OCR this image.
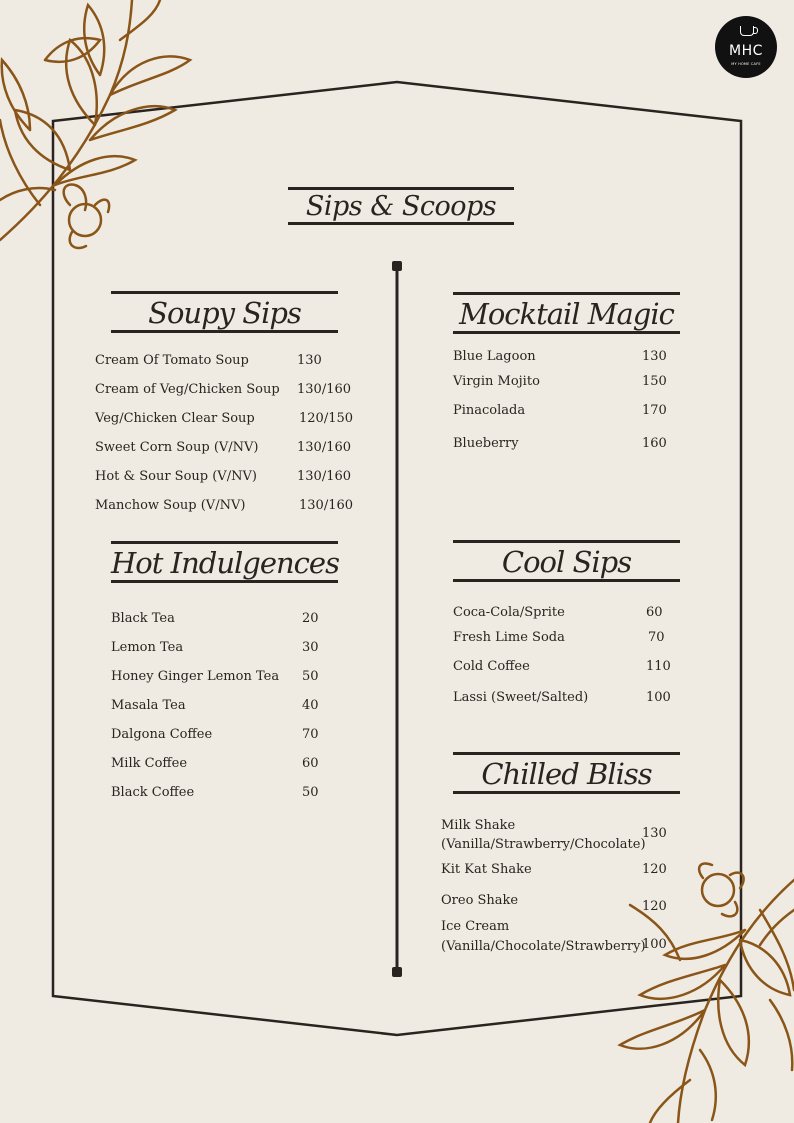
MHC
MY HOME CAFE
Sips & Scoops
Soupy Sips
Cream Of Tomato Soup	130
Cream of Veg/Chicken Soup 130/160
Veg/Chicken Clear Soup	120/150
Sweet Corn Soup (V/NV)	130/160
Hot & Sour Soup (V/NV)	130/160
Manchow Soup (V/NV)	130/160
Hot Indulgences
Black Tea	20
Lemon Tea	30
Honey Ginger Lemon Tea 50
Masala Tea	40
Dalgona Coffee	70
Milk Coffee	60
Black Coffee	50
Mocktail Magic
Blue Lagoon	130
Virgin Mojito	150
Pinacolada	170
Blueberry	160
Cool Sips
Coca-Cola/Sprite	60
Fresh Lime Soda	70
Cold Coffee	110
Lassi (Sweet/Salted)	100
Chilled Bliss
Milk Shake
(Vanilla/Strawberry/Chocolate)
130
Kit Kat Shake	120
Oreo Shake	120
Ice Cream
(Vanilla/Chocolate/Strawberry)
100
